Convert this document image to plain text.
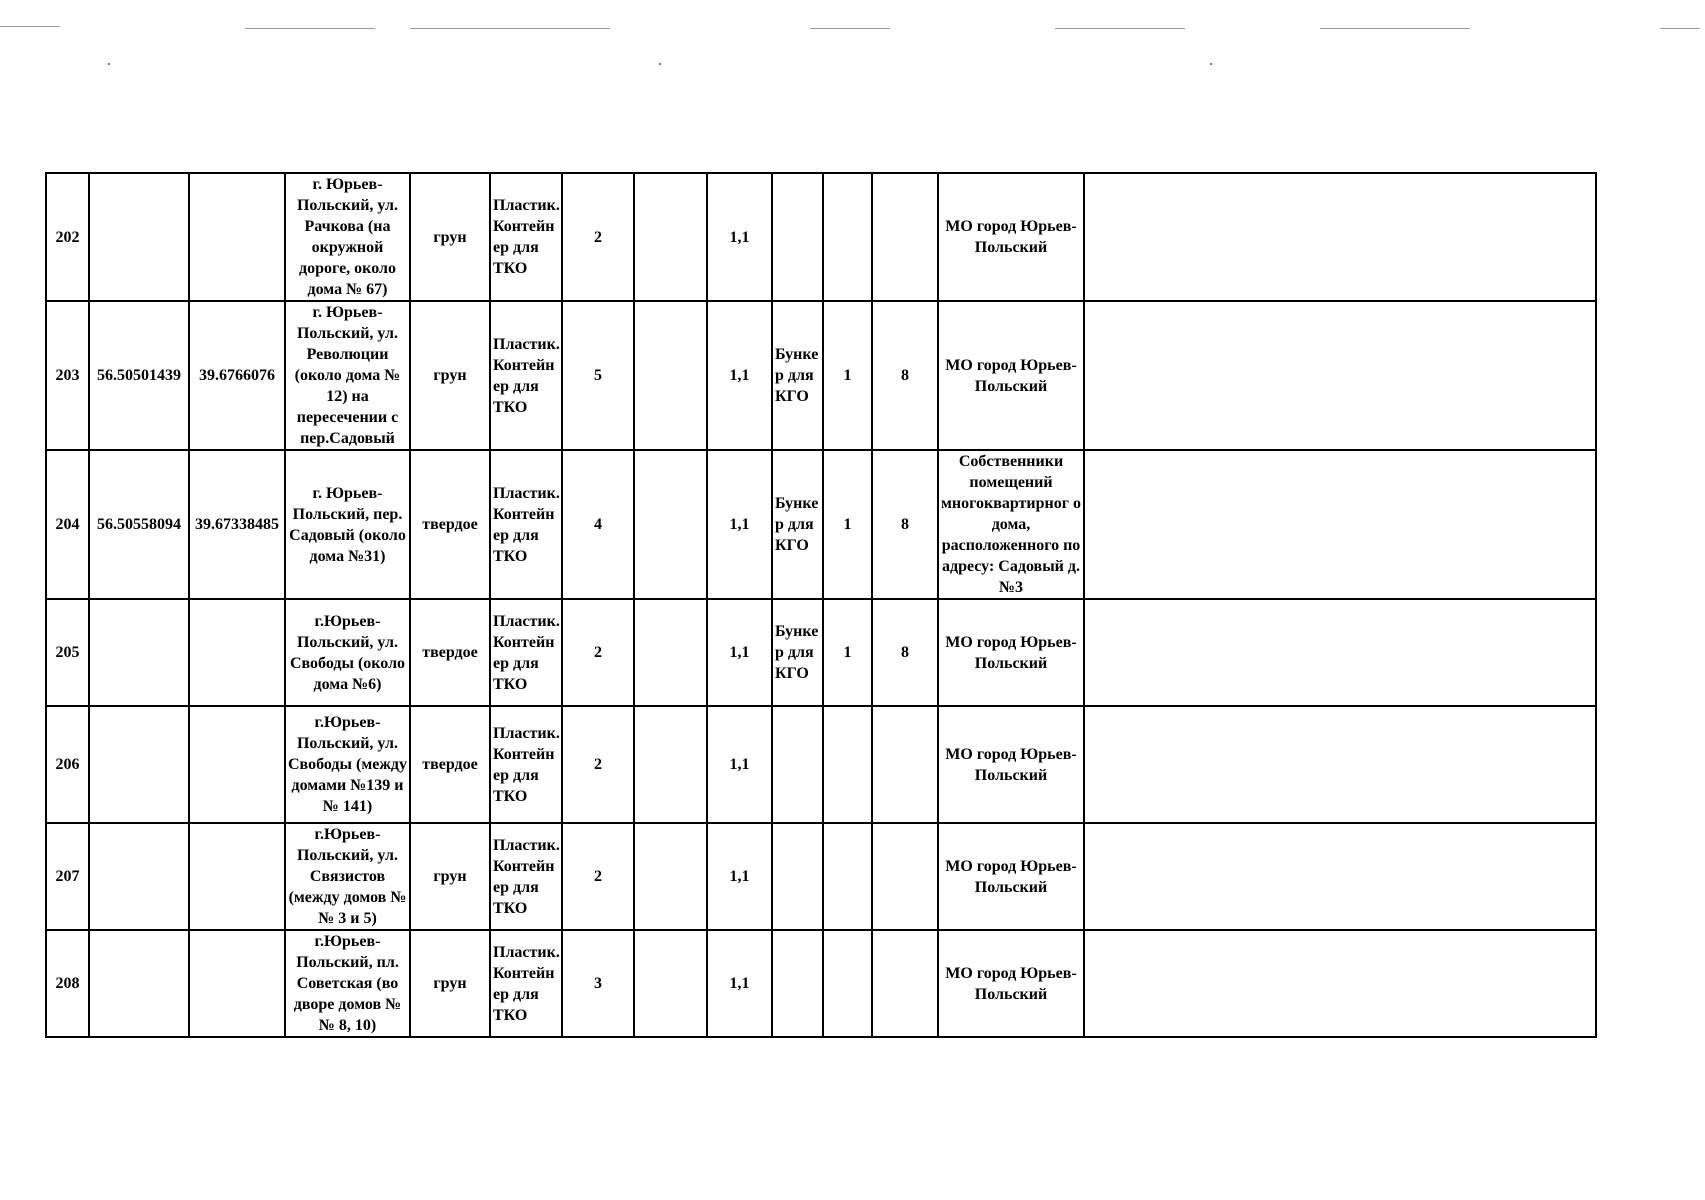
202			г. Юрьев-Польский, ул. Рачкова (на окружной дороге, около дома № 67)	грун	Пластик. Контейн ер для ТКО	2		1,1				МО город Юрьев-Польский	
203	56.50501439	39.6766076	г. Юрьев-Польский, ул. Революции (около дома № 12) на пересечении с пер.Садовый	грун	Пластик. Контейн ер для ТКО	5		1,1	Бунке р для КГО	1	8	МО город Юрьев-Польский	
204	56.50558094	39.67338485	г. Юрьев-Польский, пер. Садовый (около дома №31)	твердое	Пластик. Контейн ер для ТКО	4		1,1	Бунке р для КГО	1	8	Собственники помещений многоквартирног о дома, расположенного по адресу: Садовый д.№3	
205			г.Юрьев-Польский, ул. Свободы (около дома №6)	твердое	Пластик. Контейн ер для ТКО	2		1,1	Бунке р для КГО	1	8	МО город Юрьев-Польский	
206			г.Юрьев-Польский, ул. Свободы (между домами №139 и № 141)	твердое	Пластик. Контейн ер для ТКО	2		1,1				МО город Юрьев-Польский	
207			г.Юрьев-Польский, ул. Связистов (между домов №№ 3 и 5)	грун	Пластик. Контейн ер для ТКО	2		1,1				МО город Юрьев-Польский	
208			г.Юрьев-Польский, пл. Советская (во дворе домов №№ 8, 10)	грун	Пластик. Контейн ер для ТКО	3		1,1				МО город Юрьев-Польский	
